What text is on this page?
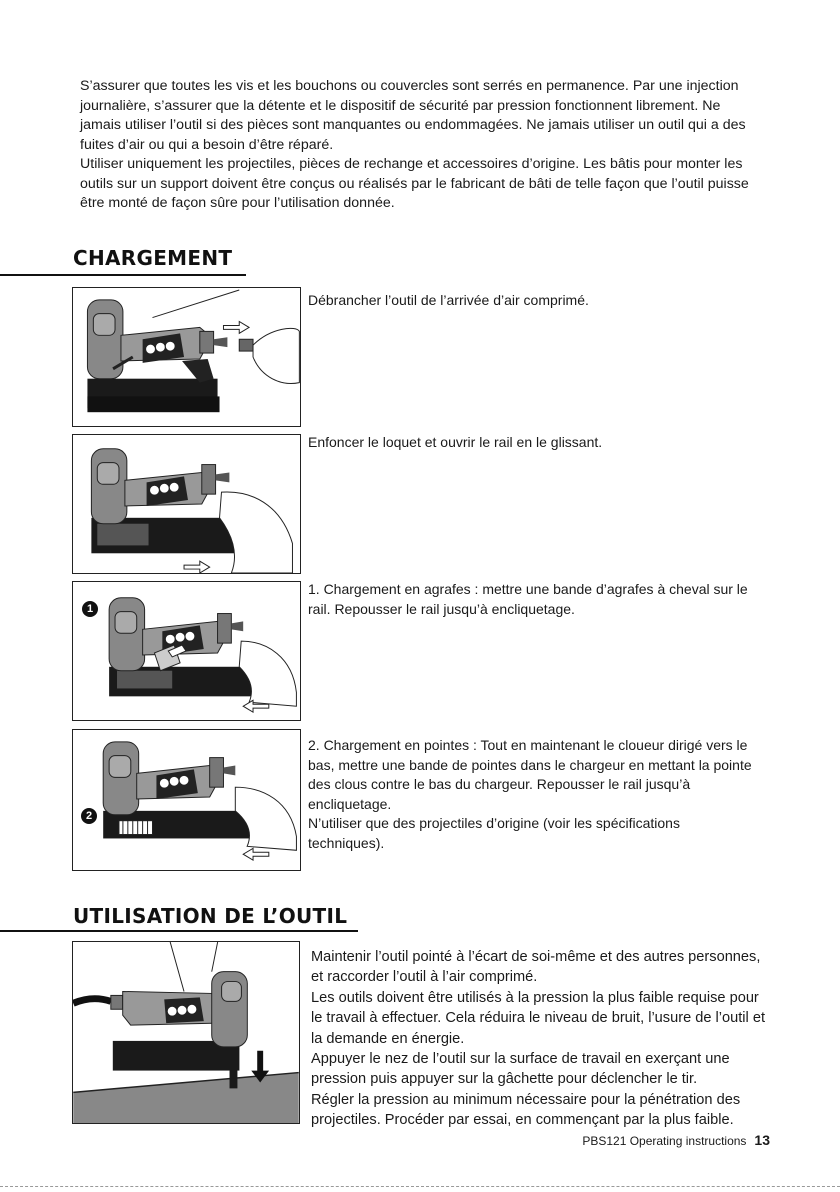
S’assurer que toutes les vis et les bouchons ou couvercles sont serrés en permanence. Par une injection journalière, s’assurer que la détente et le dispositif de sécurité par pression fonctionnent librement. Ne jamais utiliser l’outil si des pièces sont manquantes ou endommagées. Ne jamais utiliser un outil qui a des fuites d’air ou qui a besoin d’être réparé.

Utiliser uniquement les projectiles, pièces de rechange et accessoires d’origine. Les bâtis pour monter les outils sur un support doivent être conçus ou réalisés par le fabricant de bâti de telle façon que l’outil puisse être monté de façon sûre pour l’utilisation donnée.

CHARGEMENT

Débrancher l’outil de l’arrivée d’air comprimé.

Enfoncer le loquet et ouvrir le rail en le glissant.

1

1. Chargement en agrafes : mettre une bande d’agrafes à cheval sur le rail. Repousser le rail jusqu’à encliquetage.

2

2. Chargement en pointes : Tout en maintenant le cloueur dirigé vers le bas, mettre une bande de pointes dans le chargeur en mettant la pointe des clous contre le bas du chargeur. Repousser le rail jusqu’à encliquetage.

N’utiliser que des projectiles d’origine (voir les spécifications techniques).

UTILISATION DE L’OUTIL

Maintenir l’outil pointé à l’écart de soi-même et des autres personnes, et raccorder l’outil à l’air comprimé.

Les outils doivent être utilisés à la pression la plus faible requise pour le travail à effectuer. Cela réduira le niveau de bruit, l’usure de l’outil et la demande en énergie.

Appuyer le nez de l’outil sur la surface de travail en exerçant une pression puis appuyer sur la gâchette pour déclencher le tir.

Régler la pression au minimum nécessaire pour la pénétration des projectiles. Procéder par essai, en commençant par la plus faible.

PBS121 Operating instructions 13
